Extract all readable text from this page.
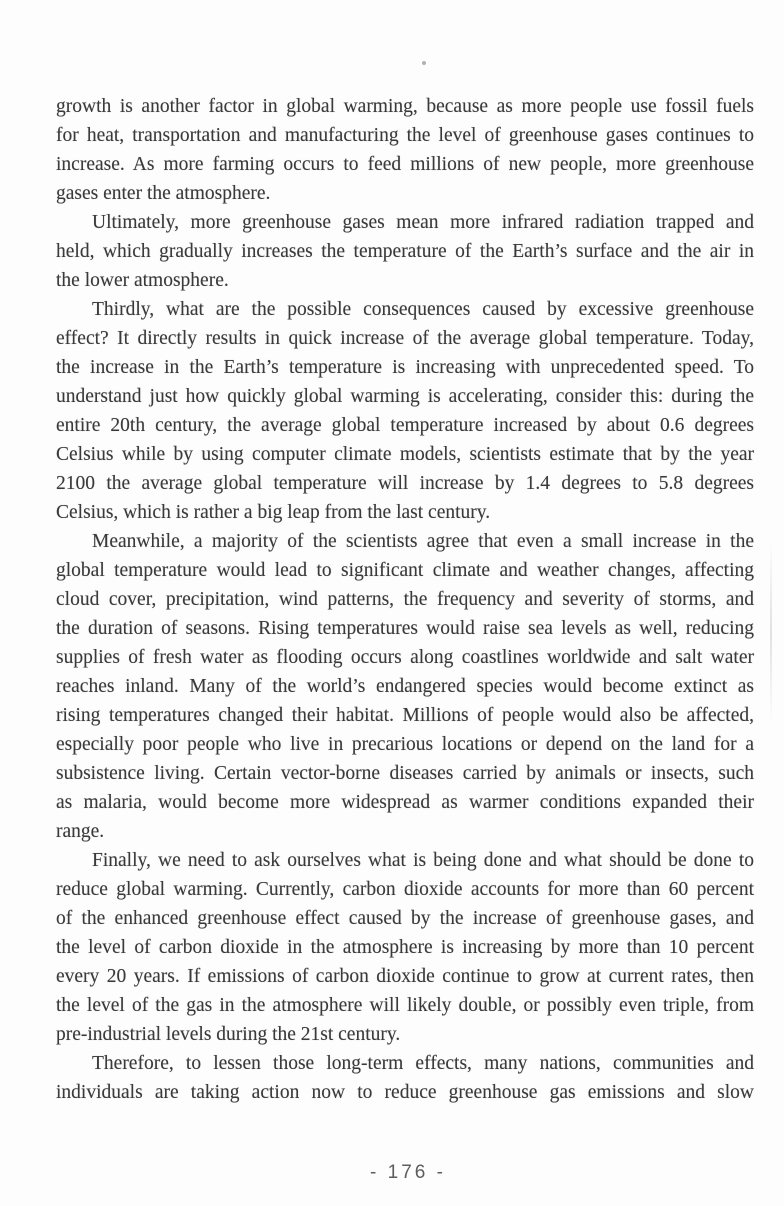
growth is another factor in global warming, because as more people use fossil fuels
for heat, transportation and manufacturing the level of greenhouse gases continues to
increase. As more farming occurs to feed millions of new people, more greenhouse
gases enter the atmosphere.
Ultimately, more greenhouse gases mean more infrared radiation trapped and
held, which gradually increases the temperature of the Earth’s surface and the air in
the lower atmosphere.
Thirdly, what are the possible consequences caused by excessive greenhouse
effect? It directly results in quick increase of the average global temperature. Today,
the increase in the Earth’s temperature is increasing with unprecedented speed. To
understand just how quickly global warming is accelerating, consider this: during the
entire 20th century, the average global temperature increased by about 0.6 degrees
Celsius while by using computer climate models, scientists estimate that by the year
2100 the average global temperature will increase by 1.4 degrees to 5.8 degrees
Celsius, which is rather a big leap from the last century.
Meanwhile, a majority of the scientists agree that even a small increase in the
global temperature would lead to significant climate and weather changes, affecting
cloud cover, precipitation, wind patterns, the frequency and severity of storms, and
the duration of seasons. Rising temperatures would raise sea levels as well, reducing
supplies of fresh water as flooding occurs along coastlines worldwide and salt water
reaches inland. Many of the world’s endangered species would become extinct as
rising temperatures changed their habitat. Millions of people would also be affected,
especially poor people who live in precarious locations or depend on the land for a
subsistence living. Certain vector-borne diseases carried by animals or insects, such
as malaria, would become more widespread as warmer conditions expanded their
range.
Finally, we need to ask ourselves what is being done and what should be done to
reduce global warming. Currently, carbon dioxide accounts for more than 60 percent
of the enhanced greenhouse effect caused by the increase of greenhouse gases, and
the level of carbon dioxide in the atmosphere is increasing by more than 10 percent
every 20 years. If emissions of carbon dioxide continue to grow at current rates, then
the level of the gas in the atmosphere will likely double, or possibly even triple, from
pre-industrial levels during the 21st century.
Therefore, to lessen those long-term effects, many nations, communities and
individuals are taking action now to reduce greenhouse gas emissions and slow
- 176 -
